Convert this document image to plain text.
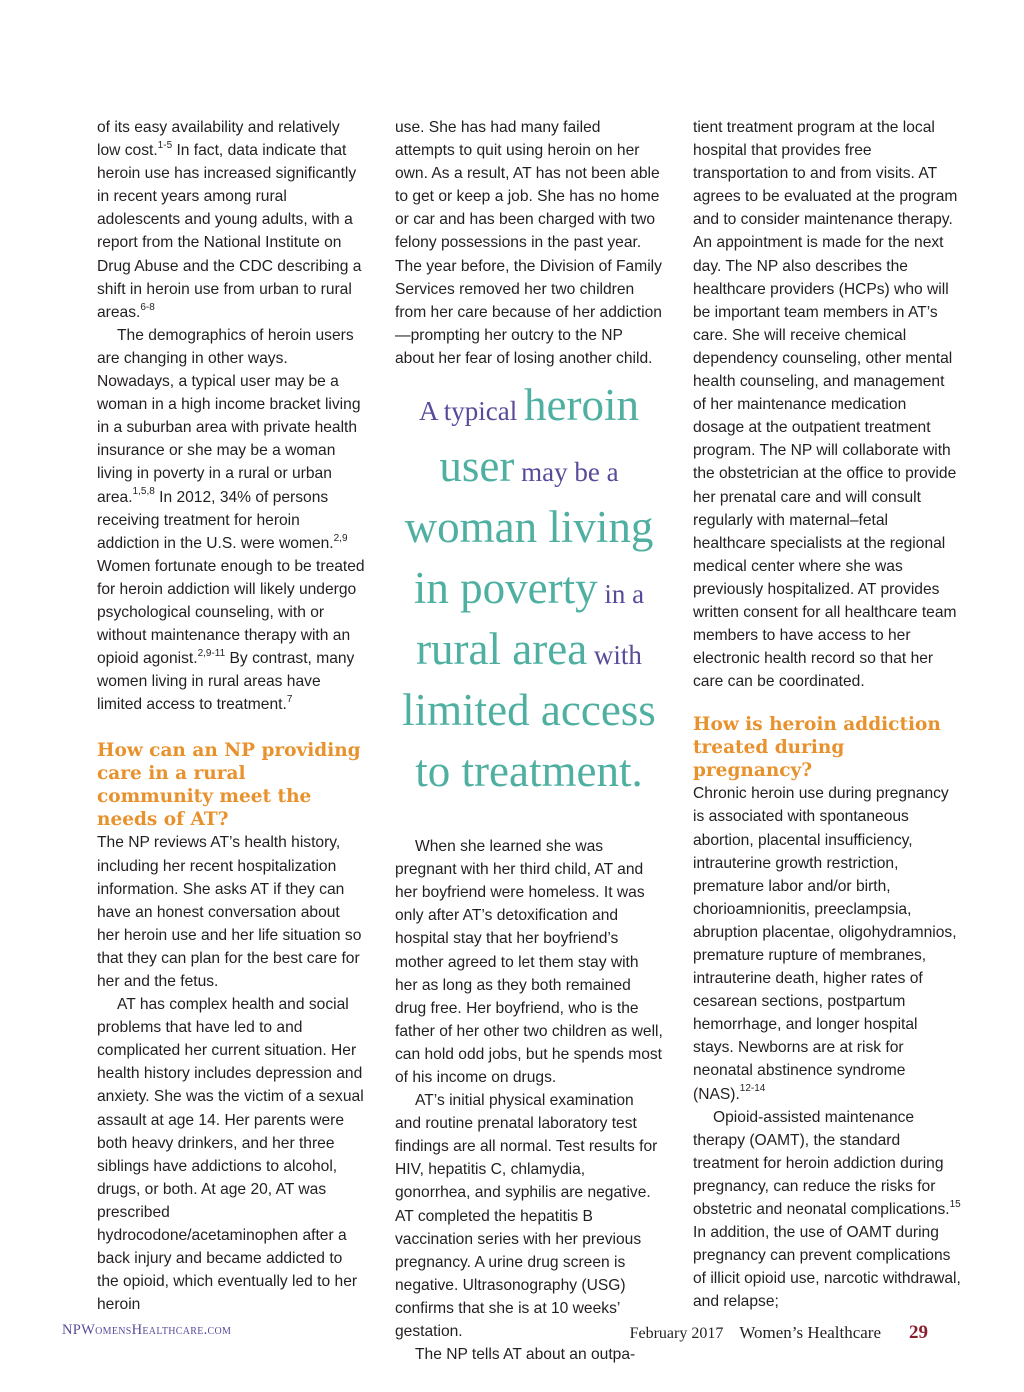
of its easy availability and relatively low cost.$^{1-5}$ In fact, data indicate that heroin use has increased significantly in recent years among rural adolescents and young adults, with a report from the National Institute on Drug Abuse and the CDC describing a shift in heroin use from urban to rural areas.$^{6-8}$

The demographics of heroin users are changing in other ways. Nowadays, a typical user may be a woman in a high income bracket living in a suburban area with private health insurance or she may be a woman living in poverty in a rural or urban area.$^{1,5,8}$ In 2012, 34% of persons receiving treatment for heroin addiction in the U.S. were women.$^{2,9}$ Women fortunate enough to be treated for heroin addiction will likely undergo psychological counseling, with or without maintenance therapy with an opioid agonist.$^{2,9-11}$ By contrast, many women living in rural areas have limited access to treatment.$^7$

How can an NP providing care in a rural community meet the needs of AT?

The NP reviews AT’s health history, including her recent hospitalization information. She asks AT if they can have an honest conversation about her heroin use and her life situation so that they can plan for the best care for her and the fetus.

AT has complex health and social problems that have led to and complicated her current situation. Her health history includes depression and anxiety. She was the victim of a sexual assault at age 14. Her parents were both heavy drinkers, and her three siblings have addictions to alcohol, drugs, or both. At age 20, AT was prescribed hydrocodone/acetaminophen after a back injury and became addicted to the opioid, which eventually led to her heroin

use. She has had many failed attempts to quit using heroin on her own. As a result, AT has not been able to get or keep a job. She has no home or car and has been charged with two felony possessions in the past year. The year before, the Division of Family Services removed her two children from her care because of her addiction—prompting her outcry to the NP about her fear of losing another child.

A typical heroin user may be a woman living in poverty in a rural area with limited access to treatment.

When she learned she was pregnant with her third child, AT and her boyfriend were homeless. It was only after AT’s detoxification and hospital stay that her boyfriend’s mother agreed to let them stay with her as long as they both remained drug free. Her boyfriend, who is the father of her other two children as well, can hold odd jobs, but he spends most of his income on drugs.

AT’s initial physical examination and routine prenatal laboratory test findings are all normal. Test results for HIV, hepatitis C, chlamydia, gonorrhea, and syphilis are negative. AT completed the hepatitis B vaccination series with her previous pregnancy. A urine drug screen is negative. Ultrasonography (USG) confirms that she is at 10 weeks’ gestation.

The NP tells AT about an outpa-

tient treatment program at the local hospital that provides free transportation to and from visits. AT agrees to be evaluated at the program and to consider maintenance therapy. An appointment is made for the next day. The NP also describes the healthcare providers (HCPs) who will be important team members in AT’s care. She will receive chemical dependency counseling, other mental health counseling, and management of her maintenance medication dosage at the outpatient treatment program. The NP will collaborate with the obstetrician at the office to provide her prenatal care and will consult regularly with maternal–fetal healthcare specialists at the regional medical center where she was previously hospitalized. AT provides written consent for all healthcare team members to have access to her electronic health record so that her care can be coordinated.

How is heroin addiction treated during pregnancy?

Chronic heroin use during pregnancy is associated with spontaneous abortion, placental insufficiency, intrauterine growth restriction, premature labor and/or birth, chorioamnionitis, preeclampsia, abruption placentae, oligohydramnios, premature rupture of membranes, intrauterine death, higher rates of cesarean sections, postpartum hemorrhage, and longer hospital stays. Newborns are at risk for neonatal abstinence syndrome (NAS).$^{12-14}$

Opioid-assisted maintenance therapy (OAMT), the standard treatment for heroin addiction during pregnancy, can reduce the risks for obstetric and neonatal complications.$^{15}$ In addition, the use of OAMT during pregnancy can prevent complications of illicit opioid use, narcotic withdrawal, and relapse;

NPWomensHealthcare.com	February 2017 Women’s Healthcare 29
